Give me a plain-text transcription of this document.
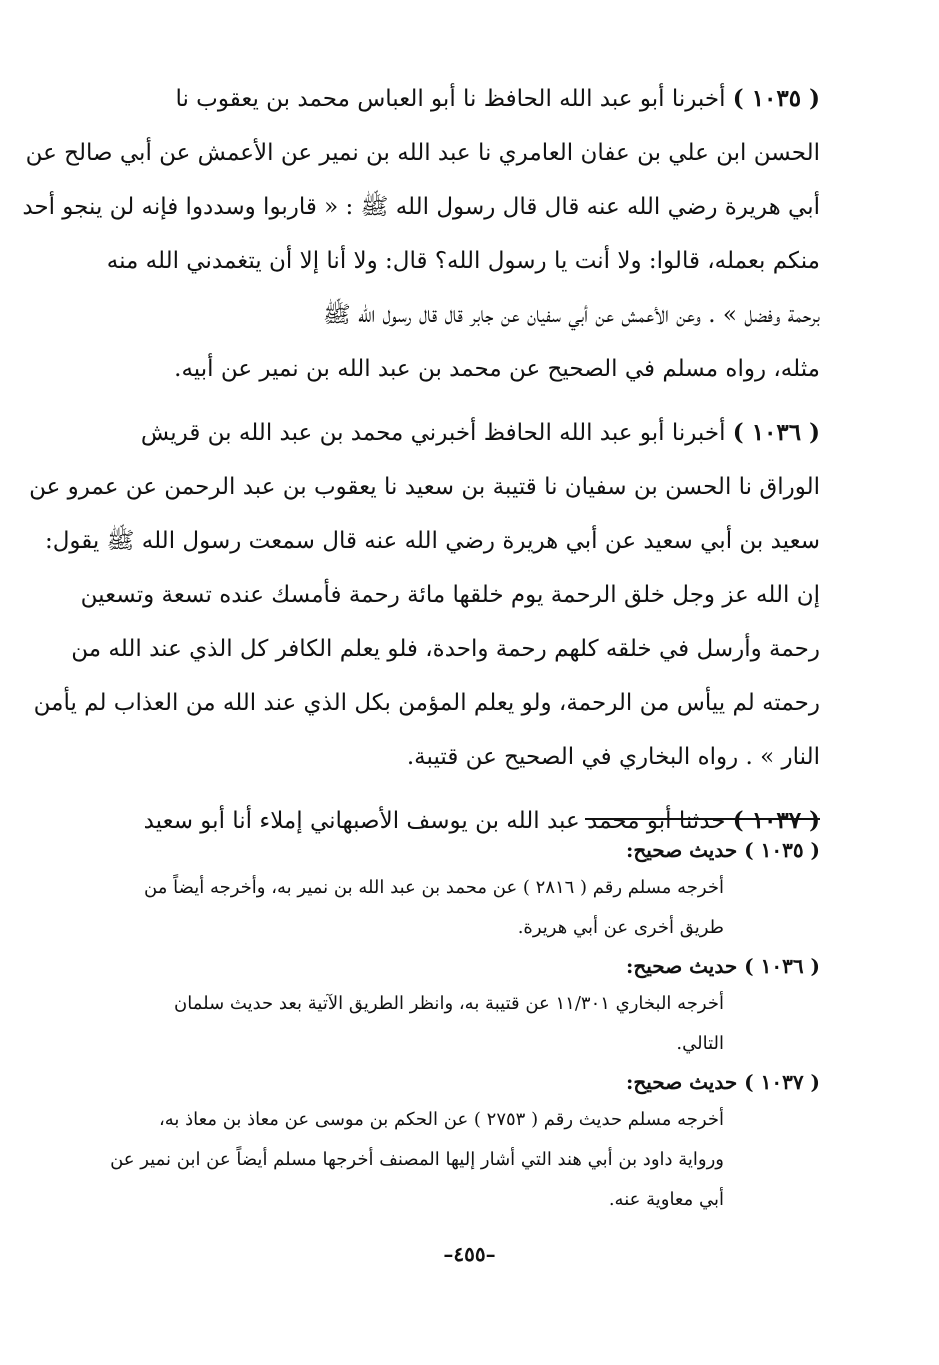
( ١٠٣٥ ) أخبرنا أبو عبد الله الحافظ نا أبو العباس محمد بن يعقوب نا
الحسن ابن علي بن عفان العامري نا عبد الله بن نمير عن الأعمش عن أبي صالح عن
أبي هريرة رضي الله عنه قال قال رسول الله ﷺ : « قاربوا وسددوا فإنه لن ينجو أحد
منكم بعمله، قالوا: ولا أنت يا رسول الله؟ قال: ولا أنا إلا أن يتغمدني الله منه
برحمة وفضل » . وعن الأعمش عن أبي سفيان عن جابر قال قال رسول الله ﷺ
مثله، رواه مسلم في الصحيح عن محمد بن عبد الله بن نمير عن أبيه.
( ١٠٣٦ ) أخبرنا أبو عبد الله الحافظ أخبرني محمد بن عبد الله بن قريش
الوراق نا الحسن بن سفيان نا قتيبة بن سعيد نا يعقوب بن عبد الرحمن عن عمرو عن
سعيد بن أبي سعيد عن أبي هريرة رضي الله عنه قال سمعت رسول الله ﷺ يقول:
إن الله عز وجل خلق الرحمة يوم خلقها مائة رحمة فأمسك عنده تسعة وتسعين
رحمة وأرسل في خلقه كلهم رحمة واحدة، فلو يعلم الكافر كل الذي عند الله من
رحمته لم ييأس من الرحمة، ولو يعلم المؤمن بكل الذي عند الله من العذاب لم يأمن
النار » . رواه البخاري في الصحيح عن قتيبة.
( ١٠٣٧ ) حدثنا أبو محمد عبد الله بن يوسف الأصبهاني إملاء أنا أبو سعيد
( ١٠٣٥ ) حديث صحيح:
أخرجه مسلم رقم ( ٢٨١٦ ) عن محمد بن عبد الله بن نمير به، وأخرجه أيضاً من
طريق أخرى عن أبي هريرة.
( ١٠٣٦ ) حديث صحيح:
أخرجه البخاري ١١/٣٠١ عن قتيبة به، وانظر الطريق الآتية بعد حديث سلمان
التالي.
( ١٠٣٧ ) حديث صحيح:
أخرجه مسلم حديث رقم ( ٢٧٥٣ ) عن الحكم بن موسى عن معاذ بن معاذ به،
ورواية داود بن أبي هند التي أشار إليها المصنف أخرجها مسلم أيضاً عن ابن نمير عن
أبي معاوية عنه.
–٤٥٥–
